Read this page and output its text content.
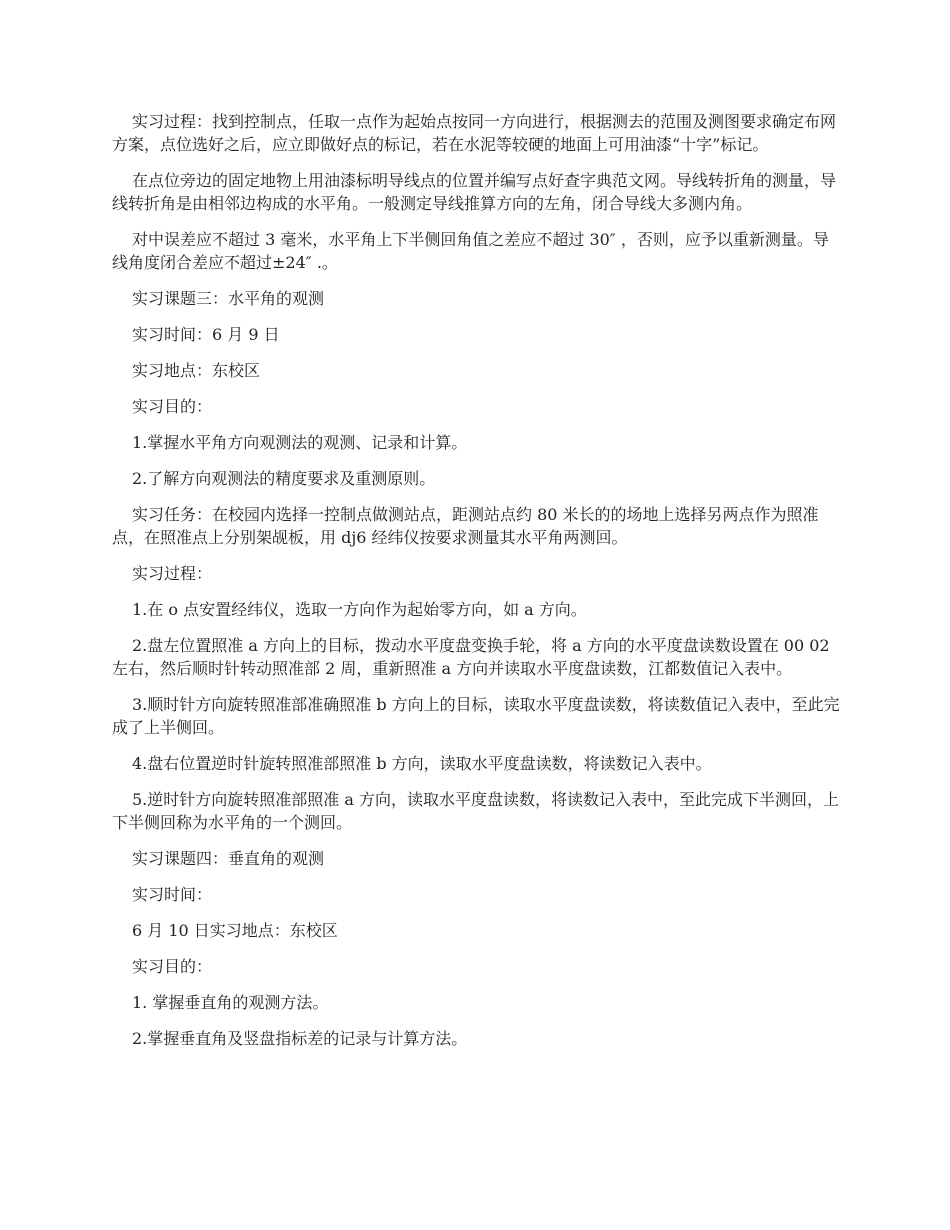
实习过程：找到控制点，任取一点作为起始点按同一方向进行，根据测去的范围及测图要求确定布网方案，点位选好之后，应立即做好点的标记，若在水泥等较硬的地面上可用油漆“十字”标记。

在点位旁边的固定地物上用油漆标明导线点的位置并编写点好查字典范文网。导线转折角的测量，导线转折角是由相邻边构成的水平角。一般测定导线推算方向的左角，闭合导线大多测内角。

对中误差应不超过 3 毫米，水平角上下半侧回角值之差应不超过 30″ ，否则，应予以重新测量。导线角度闭合差应不超过±24″ .。

实习课题三：水平角的观测

实习时间：6 月 9 日

实习地点：东校区

实习目的：

1.掌握水平角方向观测法的观测、记录和计算。

2.了解方向观测法的精度要求及重测原则。

实习任务：在校园内选择一控制点做测站点，距测站点约 80 米长的的场地上选择另两点作为照准点，在照准点上分别架觇板，用 dj6 经纬仪按要求测量其水平角两测回。

实习过程：

1.在 o 点安置经纬仪，选取一方向作为起始零方向，如 a 方向。

2.盘左位置照准 a 方向上的目标，拨动水平度盘变换手轮，将 a 方向的水平度盘读数设置在 00 02 左右，然后顺时针转动照准部 2 周，重新照准 a 方向并读取水平度盘读数，江都数值记入表中。

3.顺时针方向旋转照准部准确照准 b 方向上的目标，读取水平度盘读数，将读数值记入表中，至此完成了上半侧回。

4.盘右位置逆时针旋转照准部照准 b 方向，读取水平度盘读数，将读数记入表中。

5.逆时针方向旋转照准部照准 a 方向，读取水平度盘读数，将读数记入表中，至此完成下半测回，上下半侧回称为水平角的一个测回。

实习课题四：垂直角的观测

实习时间：

6 月 10 日实习地点：东校区

实习目的：

1. 掌握垂直角的观测方法。

2.掌握垂直角及竖盘指标差的记录与计算方法。
